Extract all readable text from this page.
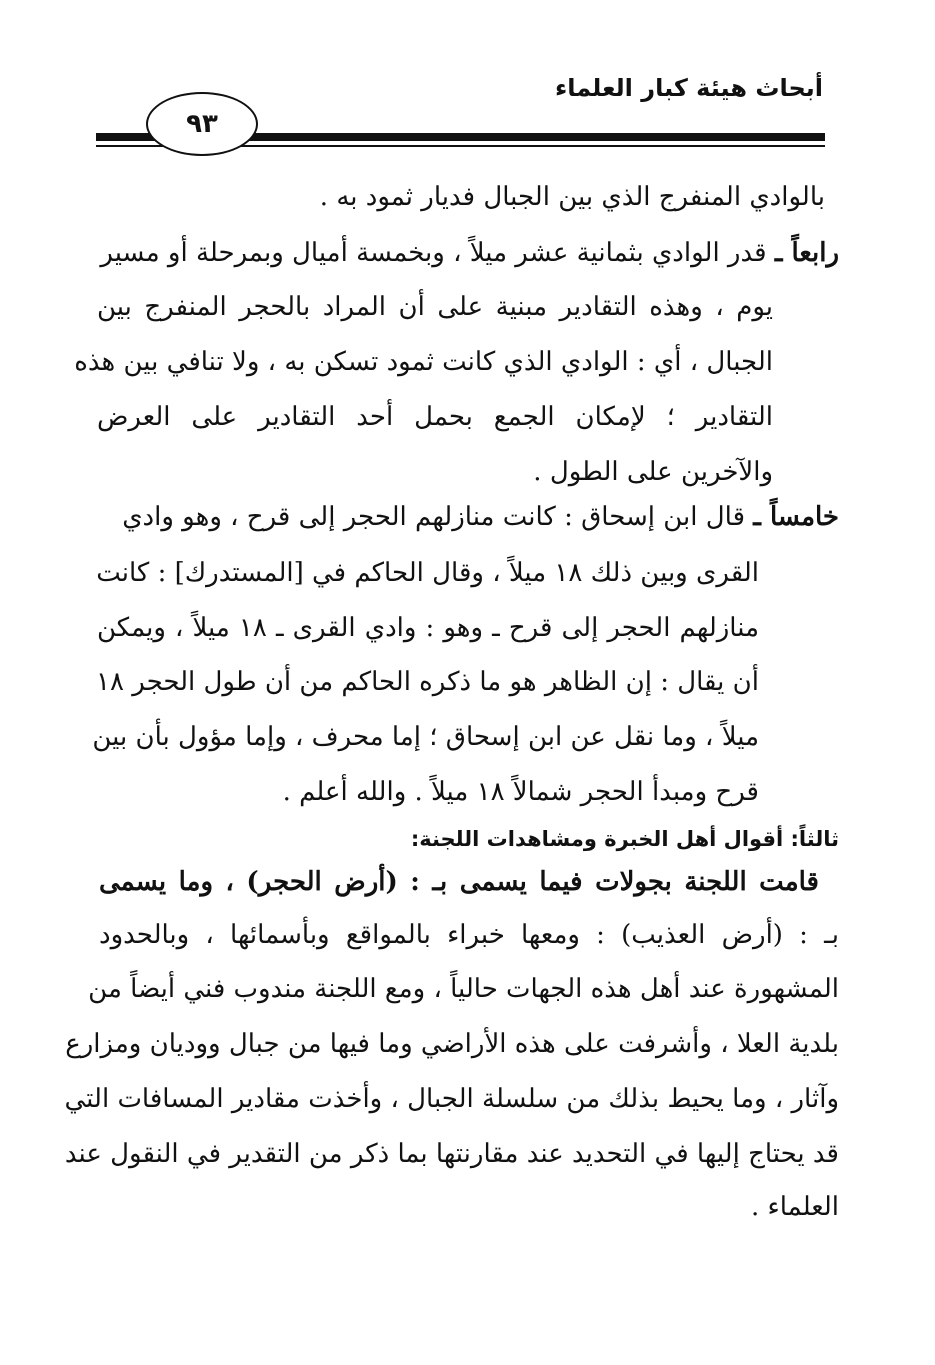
أبحاث هيئة كبار العلماء
٩٣
بالوادي المنفرج الذي بين الجبال فديار ثمود به .
رابعاً ـ قدر الوادي بثمانية عشر ميلاً ، وبخمسة أميال وبمرحلة أو مسير
يوم ، وهذه التقادير مبنية على أن المراد بالحجر المنفرج بين
الجبال ، أي : الوادي الذي كانت ثمود تسكن به ، ولا تنافي بين هذه
التقادير ؛ لإمكان الجمع بحمل أحد التقادير على العرض
والآخرين على الطول .
خامساً ـ قال ابن إسحاق : كانت منازلهم الحجر إلى قرح ، وهو وادي
القرى وبين ذلك ١٨ ميلاً ، وقال الحاكم في [المستدرك] : كانت
منازلهم الحجر إلى قرح ـ وهو : وادي القرى ـ ١٨ ميلاً ، ويمكن
أن يقال : إن الظاهر هو ما ذكره الحاكم من أن طول الحجر ١٨
ميلاً ، وما نقل عن ابن إسحاق ؛ إما محرف ، وإما مؤول بأن بين
قرح ومبدأ الحجر شمالاً ١٨ ميلاً . والله أعلم .
ثالثاً: أقوال أهل الخبرة ومشاهدات اللجنة:
قامت اللجنة بجولات فيما يسمى بـ : (أرض الحجر) ، وما يسمى
بـ : (أرض العذيب) : ومعها خبراء بالمواقع وبأسمائها ، وبالحدود
المشهورة عند أهل هذه الجهات حالياً ، ومع اللجنة مندوب فني أيضاً من
بلدية العلا ، وأشرفت على هذه الأراضي وما فيها من جبال ووديان ومزارع
وآثار ، وما يحيط بذلك من سلسلة الجبال ، وأخذت مقادير المسافات التي
قد يحتاج إليها في التحديد عند مقارنتها بما ذكر من التقدير في النقول عند
العلماء .
